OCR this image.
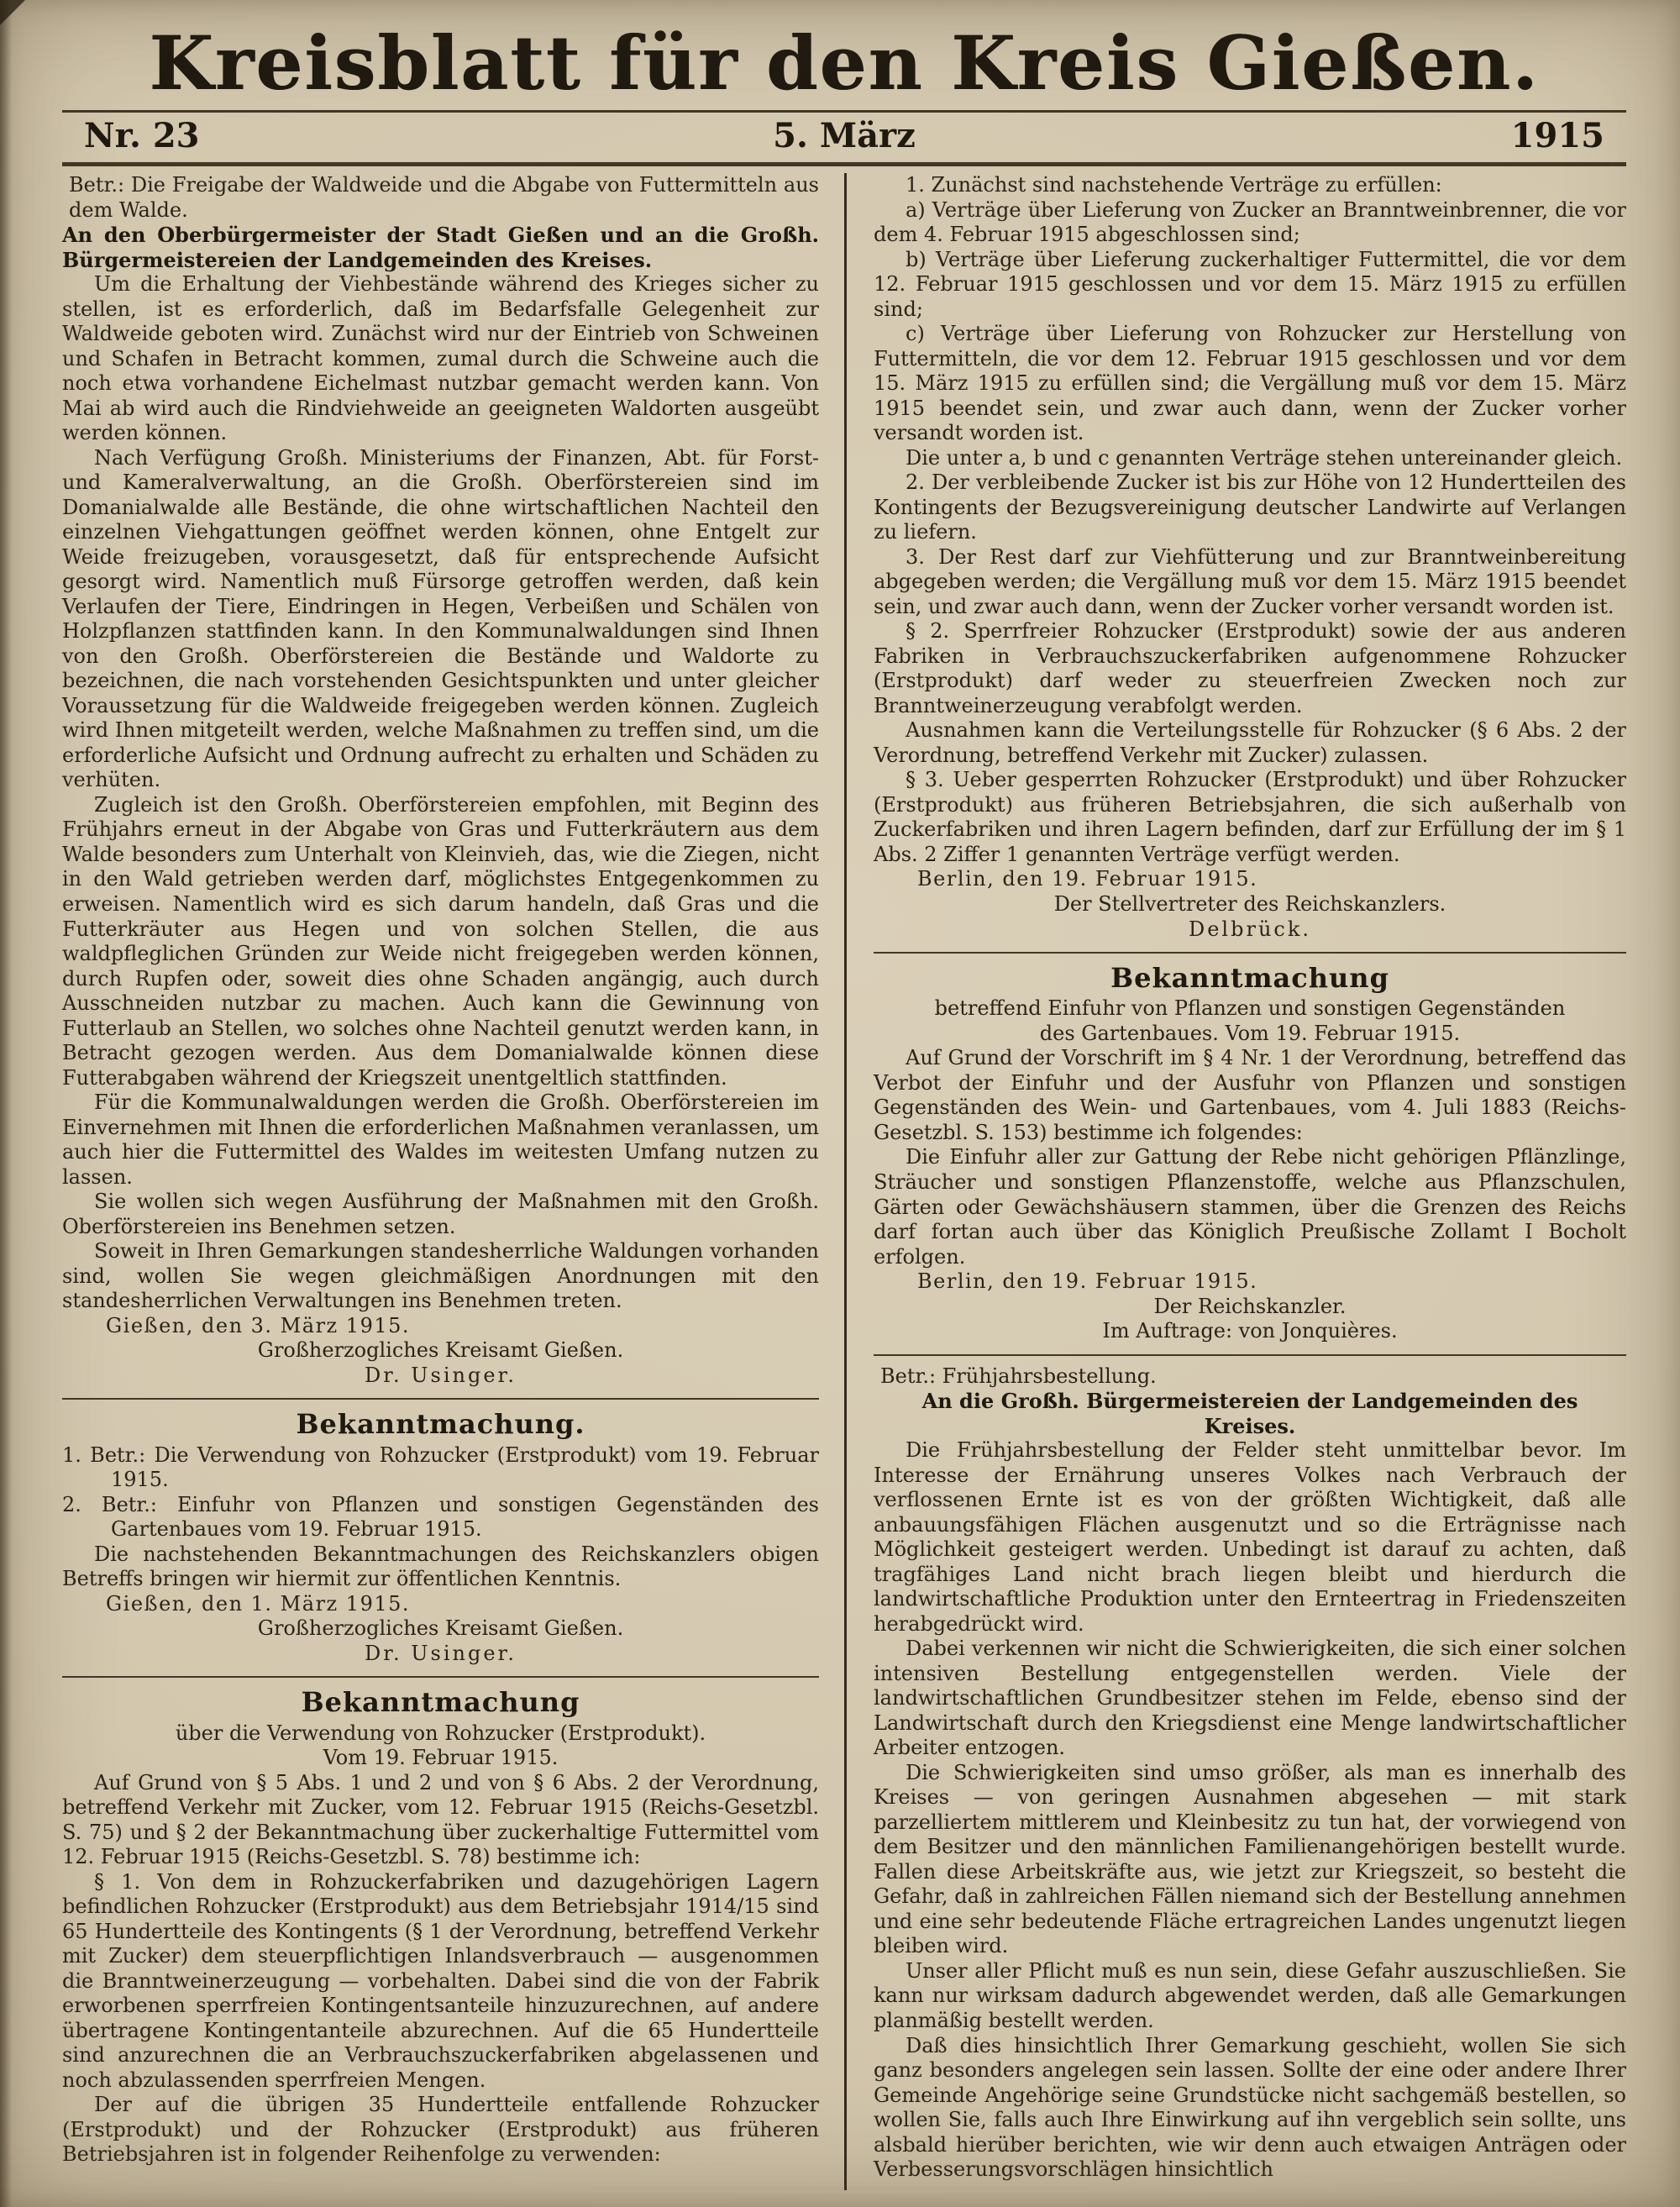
Kreisblatt für den Kreis Gießen.
Nr. 23	5. März	1915

Betr.: Die Freigabe der Waldweide und die Abgabe von Futtermitteln aus dem Walde.

An den Oberbürgermeister der Stadt Gießen und an die Großh. Bürgermeistereien der Landgemeinden des Kreises.

Um die Erhaltung der Viehbestände während des Krieges sicher zu stellen, ist es erforderlich, daß im Bedarfsfalle Gelegenheit zur Waldweide geboten wird. Zunächst wird nur der Eintrieb von Schweinen und Schafen in Betracht kommen, zumal durch die Schweine auch die noch etwa vorhandene Eichelmast nutzbar gemacht werden kann. Von Mai ab wird auch die Rindviehweide an geeigneten Waldorten ausgeübt werden können.

Nach Verfügung Großh. Ministeriums der Finanzen, Abt. für Forst- und Kameralverwaltung, an die Großh. Oberförstereien sind im Domanialwalde alle Bestände, die ohne wirtschaftlichen Nachteil den einzelnen Viehgattungen geöffnet werden können, ohne Entgelt zur Weide freizugeben, vorausgesetzt, daß für entsprechende Aufsicht gesorgt wird. Namentlich muß Fürsorge getroffen werden, daß kein Verlaufen der Tiere, Eindringen in Hegen, Verbeißen und Schälen von Holzpflanzen stattfinden kann. In den Kommunalwaldungen sind Ihnen von den Großh. Oberförstereien die Bestände und Waldorte zu bezeichnen, die nach vorstehenden Gesichtspunkten und unter gleicher Voraussetzung für die Waldweide freigegeben werden können. Zugleich wird Ihnen mitgeteilt werden, welche Maßnahmen zu treffen sind, um die erforderliche Aufsicht und Ordnung aufrecht zu erhalten und Schäden zu verhüten.

Zugleich ist den Großh. Oberförstereien empfohlen, mit Beginn des Frühjahrs erneut in der Abgabe von Gras und Futterkräutern aus dem Walde besonders zum Unterhalt von Kleinvieh, das, wie die Ziegen, nicht in den Wald getrieben werden darf, möglichstes Entgegenkommen zu erweisen. Namentlich wird es sich darum handeln, daß Gras und die Futterkräuter aus Hegen und von solchen Stellen, die aus waldpfleglichen Gründen zur Weide nicht freigegeben werden können, durch Rupfen oder, soweit dies ohne Schaden angängig, auch durch Ausschneiden nutzbar zu machen. Auch kann die Gewinnung von Futterlaub an Stellen, wo solches ohne Nachteil genutzt werden kann, in Betracht gezogen werden. Aus dem Domanialwalde können diese Futterabgaben während der Kriegszeit unentgeltlich stattfinden.

Für die Kommunalwaldungen werden die Großh. Oberförstereien im Einvernehmen mit Ihnen die erforderlichen Maßnahmen veranlassen, um auch hier die Futtermittel des Waldes im weitesten Umfang nutzen zu lassen.

Sie wollen sich wegen Ausführung der Maßnahmen mit den Großh. Oberförstereien ins Benehmen setzen.

Soweit in Ihren Gemarkungen standesherrliche Waldungen vorhanden sind, wollen Sie wegen gleichmäßigen Anordnungen mit den standesherrlichen Verwaltungen ins Benehmen treten.

Gießen, den 3. März 1915.

Großherzogliches Kreisamt Gießen.

Dr. Usinger.

Bekanntmachung.

1. Betr.: Die Verwendung von Rohzucker (Erstprodukt) vom 19. Februar 1915.

2. Betr.: Einfuhr von Pflanzen und sonstigen Gegenständen des Gartenbaues vom 19. Februar 1915.

Die nachstehenden Bekanntmachungen des Reichskanzlers obigen Betreffs bringen wir hiermit zur öffentlichen Kenntnis.

Gießen, den 1. März 1915.

Großherzogliches Kreisamt Gießen.

Dr. Usinger.

Bekanntmachung

über die Verwendung von Rohzucker (Erstprodukt).

Vom 19. Februar 1915.

Auf Grund von § 5 Abs. 1 und 2 und von § 6 Abs. 2 der Verordnung, betreffend Verkehr mit Zucker, vom 12. Februar 1915 (Reichs-Gesetzbl. S. 75) und § 2 der Bekanntmachung über zuckerhaltige Futtermittel vom 12. Februar 1915 (Reichs-Gesetzbl. S. 78) bestimme ich:

§ 1. Von dem in Rohzuckerfabriken und dazugehörigen Lagern befindlichen Rohzucker (Erstprodukt) aus dem Betriebsjahr 1914/15 sind 65 Hundertteile des Kontingents (§ 1 der Verordnung, betreffend Verkehr mit Zucker) dem steuerpflichtigen Inlandsverbrauch — ausgenommen die Branntweinerzeugung — vorbehalten. Dabei sind die von der Fabrik erworbenen sperrfreien Kontingentsanteile hinzuzurechnen, auf andere übertragene Kontingentanteile abzurechnen. Auf die 65 Hundertteile sind anzurechnen die an Verbrauchszuckerfabriken abgelassenen und noch abzulassenden sperrfreien Mengen.

Der auf die übrigen 35 Hundertteile entfallende Rohzucker (Erstprodukt) und der Rohzucker (Erstprodukt) aus früheren Betriebsjahren ist in folgender Reihenfolge zu verwenden:

1. Zunächst sind nachstehende Verträge zu erfüllen:

a) Verträge über Lieferung von Zucker an Branntweinbrenner, die vor dem 4. Februar 1915 abgeschlossen sind;

b) Verträge über Lieferung zuckerhaltiger Futtermittel, die vor dem 12. Februar 1915 geschlossen und vor dem 15. März 1915 zu erfüllen sind;

c) Verträge über Lieferung von Rohzucker zur Herstellung von Futtermitteln, die vor dem 12. Februar 1915 geschlossen und vor dem 15. März 1915 zu erfüllen sind; die Vergällung muß vor dem 15. März 1915 beendet sein, und zwar auch dann, wenn der Zucker vorher versandt worden ist.

Die unter a, b und c genannten Verträge stehen untereinander gleich.

2. Der verbleibende Zucker ist bis zur Höhe von 12 Hundertteilen des Kontingents der Bezugsvereinigung deutscher Landwirte auf Verlangen zu liefern.

3. Der Rest darf zur Viehfütterung und zur Branntweinbereitung abgegeben werden; die Vergällung muß vor dem 15. März 1915 beendet sein, und zwar auch dann, wenn der Zucker vorher versandt worden ist.

§ 2. Sperrfreier Rohzucker (Erstprodukt) sowie der aus anderen Fabriken in Verbrauchszuckerfabriken aufgenommene Rohzucker (Erstprodukt) darf weder zu steuerfreien Zwecken noch zur Branntweinerzeugung verabfolgt werden.

Ausnahmen kann die Verteilungsstelle für Rohzucker (§ 6 Abs. 2 der Verordnung, betreffend Verkehr mit Zucker) zulassen.

§ 3. Ueber gesperrten Rohzucker (Erstprodukt) und über Rohzucker (Erstprodukt) aus früheren Betriebsjahren, die sich außerhalb von Zuckerfabriken und ihren Lagern befinden, darf zur Erfüllung der im § 1 Abs. 2 Ziffer 1 genannten Verträge verfügt werden.

Berlin, den 19. Februar 1915.

Der Stellvertreter des Reichskanzlers.

Delbrück.

Bekanntmachung

betreffend Einfuhr von Pflanzen und sonstigen Gegenständen

des Gartenbaues. Vom 19. Februar 1915.

Auf Grund der Vorschrift im § 4 Nr. 1 der Verordnung, betreffend das Verbot der Einfuhr und der Ausfuhr von Pflanzen und sonstigen Gegenständen des Wein- und Gartenbaues, vom 4. Juli 1883 (Reichs-Gesetzbl. S. 153) bestimme ich folgendes:

Die Einfuhr aller zur Gattung der Rebe nicht gehörigen Pflänzlinge, Sträucher und sonstigen Pflanzenstoffe, welche aus Pflanzschulen, Gärten oder Gewächshäusern stammen, über die Grenzen des Reichs darf fortan auch über das Königlich Preußische Zollamt I Bocholt erfolgen.

Berlin, den 19. Februar 1915.

Der Reichskanzler.

Im Auftrage: von Jonquières.

Betr.: Frühjahrsbestellung.

An die Großh. Bürgermeistereien der Landgemeinden des Kreises.

Die Frühjahrsbestellung der Felder steht unmittelbar bevor. Im Interesse der Ernährung unseres Volkes nach Verbrauch der verflossenen Ernte ist es von der größten Wichtigkeit, daß alle anbauungsfähigen Flächen ausgenutzt und so die Erträgnisse nach Möglichkeit gesteigert werden. Unbedingt ist darauf zu achten, daß tragfähiges Land nicht brach liegen bleibt und hierdurch die landwirtschaftliche Produktion unter den Ernteertrag in Friedenszeiten herabgedrückt wird.

Dabei verkennen wir nicht die Schwierigkeiten, die sich einer solchen intensiven Bestellung entgegenstellen werden. Viele der landwirtschaftlichen Grundbesitzer stehen im Felde, ebenso sind der Landwirtschaft durch den Kriegsdienst eine Menge landwirtschaftlicher Arbeiter entzogen.

Die Schwierigkeiten sind umso größer, als man es innerhalb des Kreises — von geringen Ausnahmen abgesehen — mit stark parzelliertem mittlerem und Kleinbesitz zu tun hat, der vorwiegend von dem Besitzer und den männlichen Familienangehörigen bestellt wurde. Fallen diese Arbeitskräfte aus, wie jetzt zur Kriegszeit, so besteht die Gefahr, daß in zahlreichen Fällen niemand sich der Bestellung annehmen und eine sehr bedeutende Fläche ertragreichen Landes ungenutzt liegen bleiben wird.

Unser aller Pflicht muß es nun sein, diese Gefahr auszuschließen. Sie kann nur wirksam dadurch abgewendet werden, daß alle Gemarkungen planmäßig bestellt werden.

Daß dies hinsichtlich Ihrer Gemarkung geschieht, wollen Sie sich ganz besonders angelegen sein lassen. Sollte der eine oder andere Ihrer Gemeinde Angehörige seine Grundstücke nicht sachgemäß bestellen, so wollen Sie, falls auch Ihre Einwirkung auf ihn vergeblich sein sollte, uns alsbald hierüber berichten, wie wir denn auch etwaigen Anträgen oder Verbesserungsvorschlägen hinsichtlich
